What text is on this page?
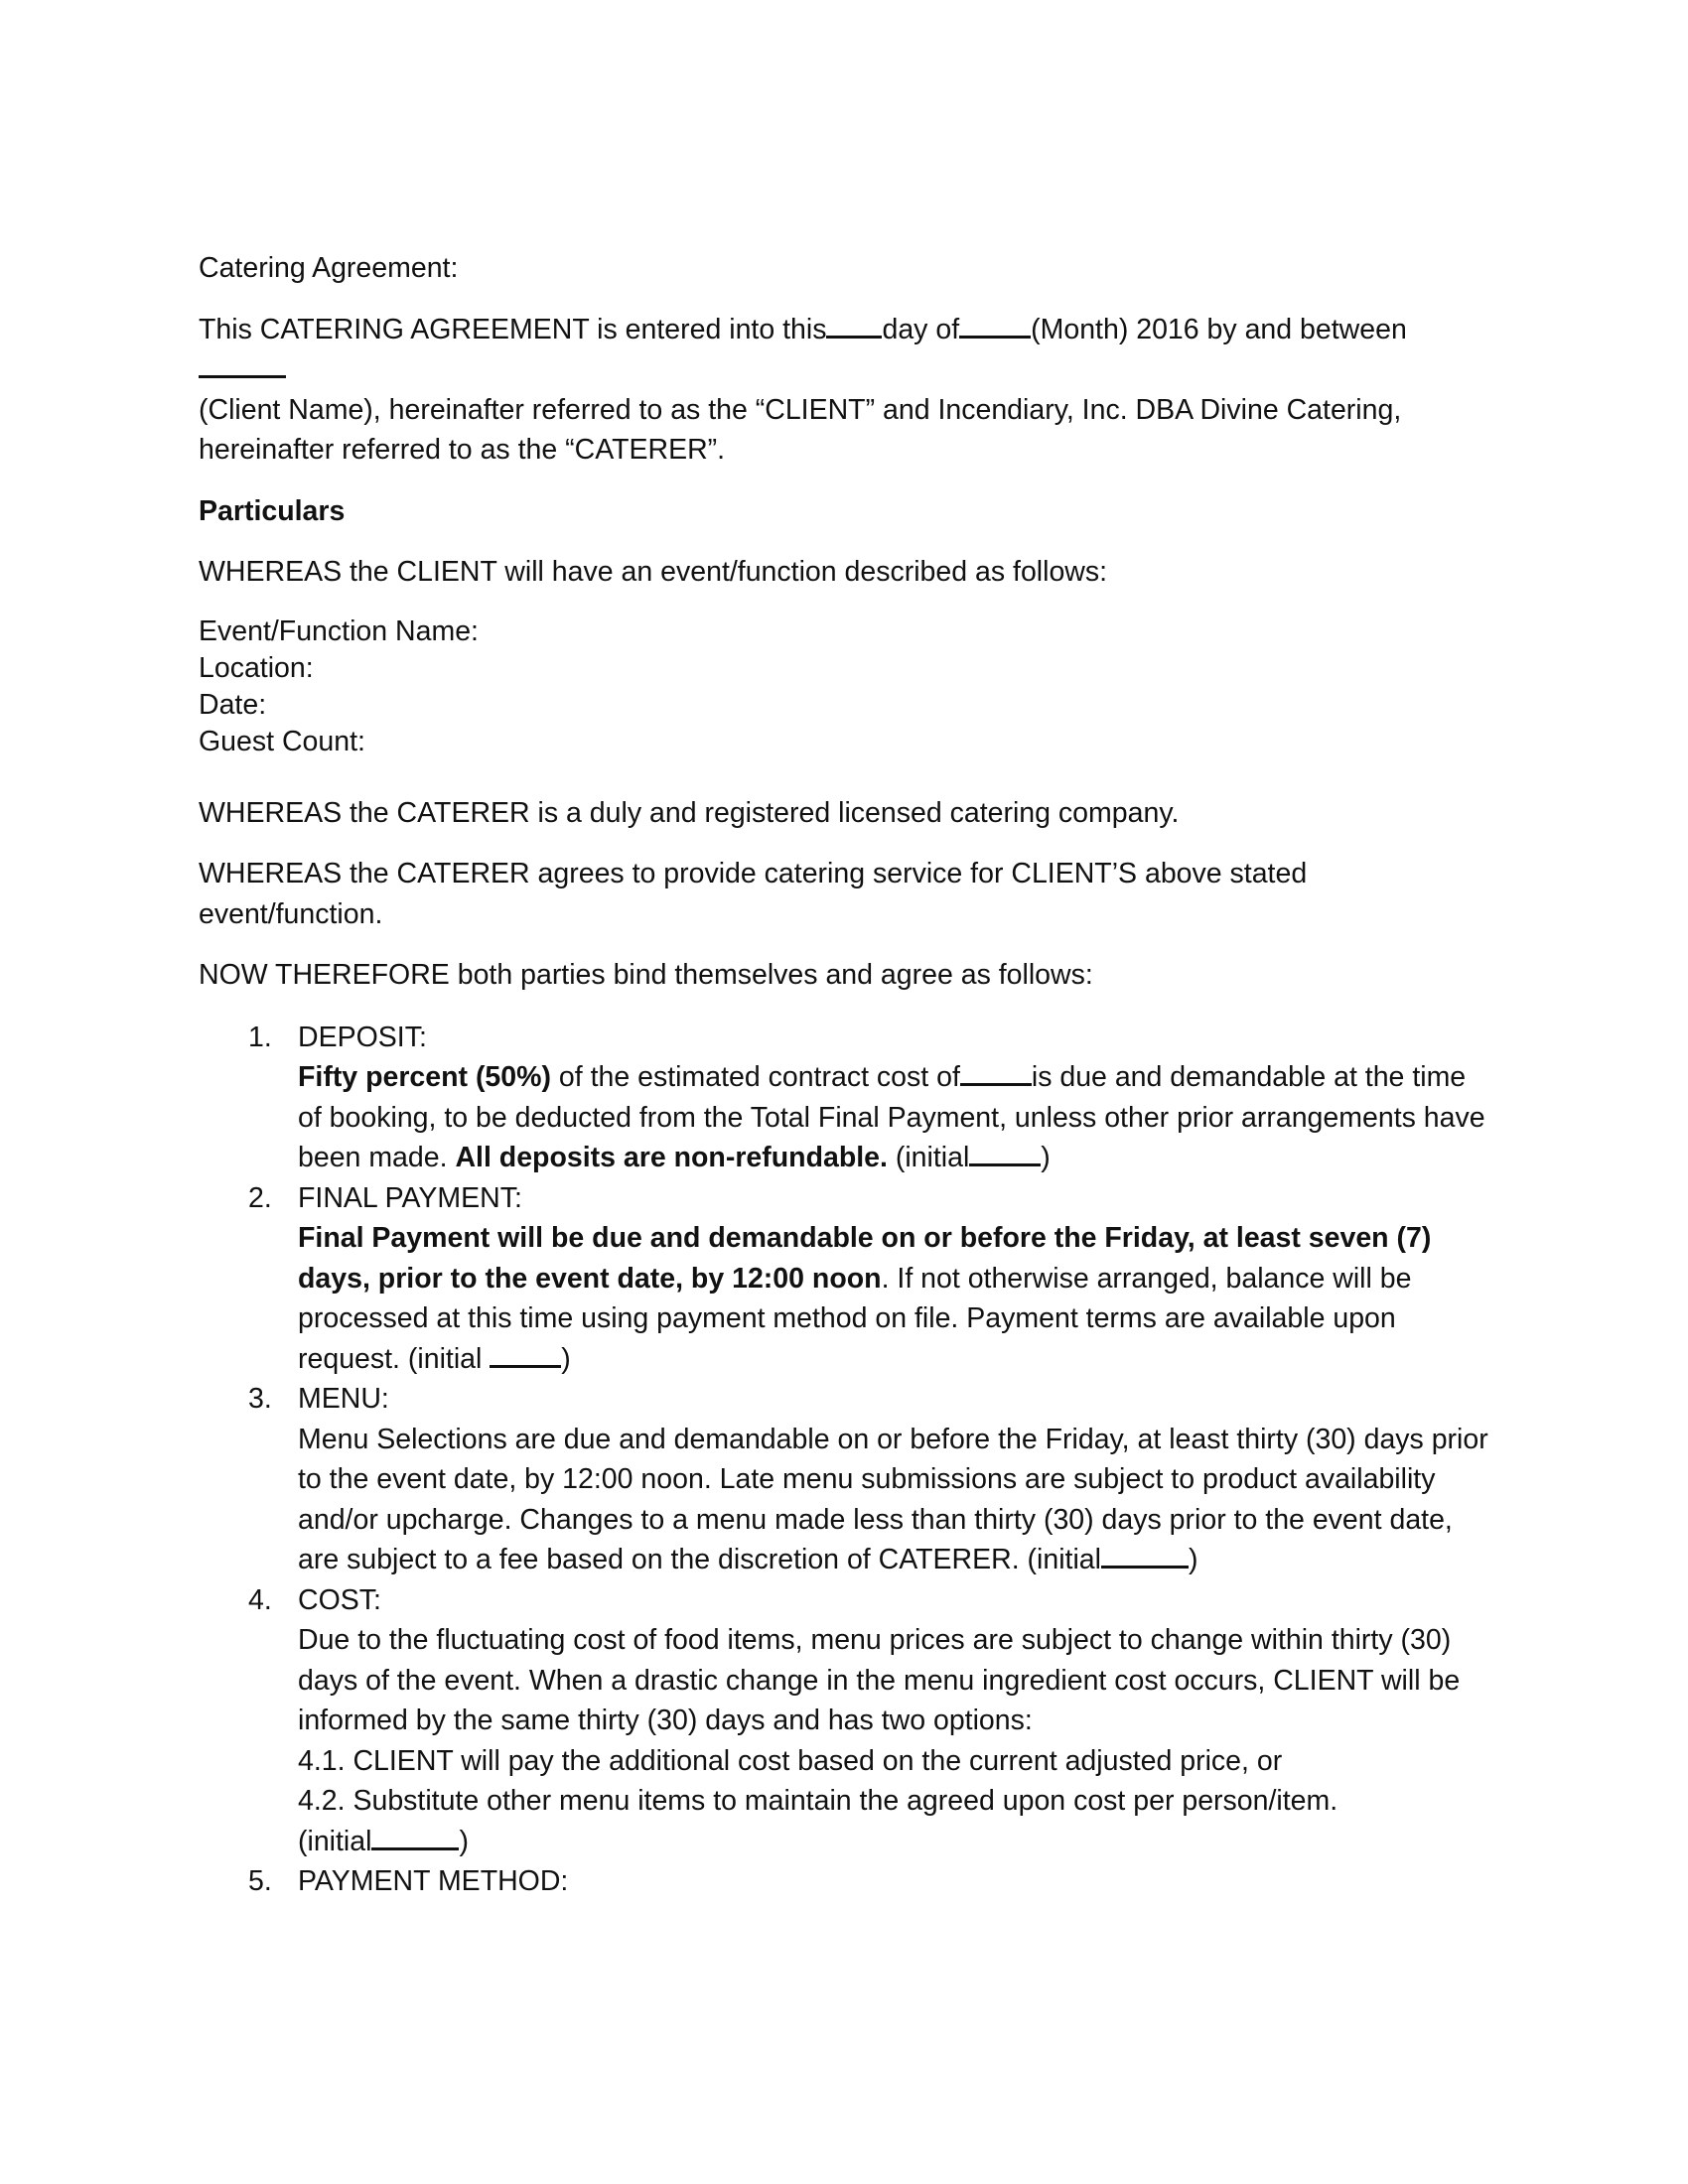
Catering Agreement:

This CATERING AGREEMENT is entered into this day of	(Month) 2016 by and between
(Client Name), hereinafter referred to as the “CLIENT” and Incendiary, Inc. DBA Divine Catering,
hereinafter referred to as the “CATERER”.

Particulars

WHEREAS the CLIENT will have an event/function described as follows:

Event/Function Name:

Location:

Date:

Guest Count:

WHEREAS the CATERER is a duly and registered licensed catering company.

WHEREAS the CATERER agrees to provide catering service for CLIENT’S above stated event/function.

NOW THEREFORE both parties bind themselves and agree as follows:

1. DEPOSIT:
Fifty percent (50%) of the estimated contract cost of	is due and demandable at the time of booking, to be deducted from the Total Final Payment, unless other prior arrangements have been made. All deposits are non-refundable. (initial	)
2. FINAL PAYMENT:
Final Payment will be due and demandable on or before the Friday, at least seven (7) days, prior to the event date, by 12:00 noon. If not otherwise arranged, balance will be processed at this time using payment method on file. Payment terms are available upon request. (initial	)
3. MENU:
Menu Selections are due and demandable on or before the Friday, at least thirty (30) days prior to the event date, by 12:00 noon. Late menu submissions are subject to product availability and/or upcharge. Changes to a menu made less than thirty (30) days prior to the event date, are subject to a fee based on the discretion of CATERER. (initial	)
4. COST:
Due to the fluctuating cost of food items, menu prices are subject to change within thirty (30) days of the event. When a drastic change in the menu ingredient cost occurs, CLIENT will be informed by the same thirty (30) days and has two options:
4.1. CLIENT will pay the additional cost based on the current adjusted price, or
4.2. Substitute other menu items to maintain the agreed upon cost per person/item.
(initial	)
5. PAYMENT METHOD:
